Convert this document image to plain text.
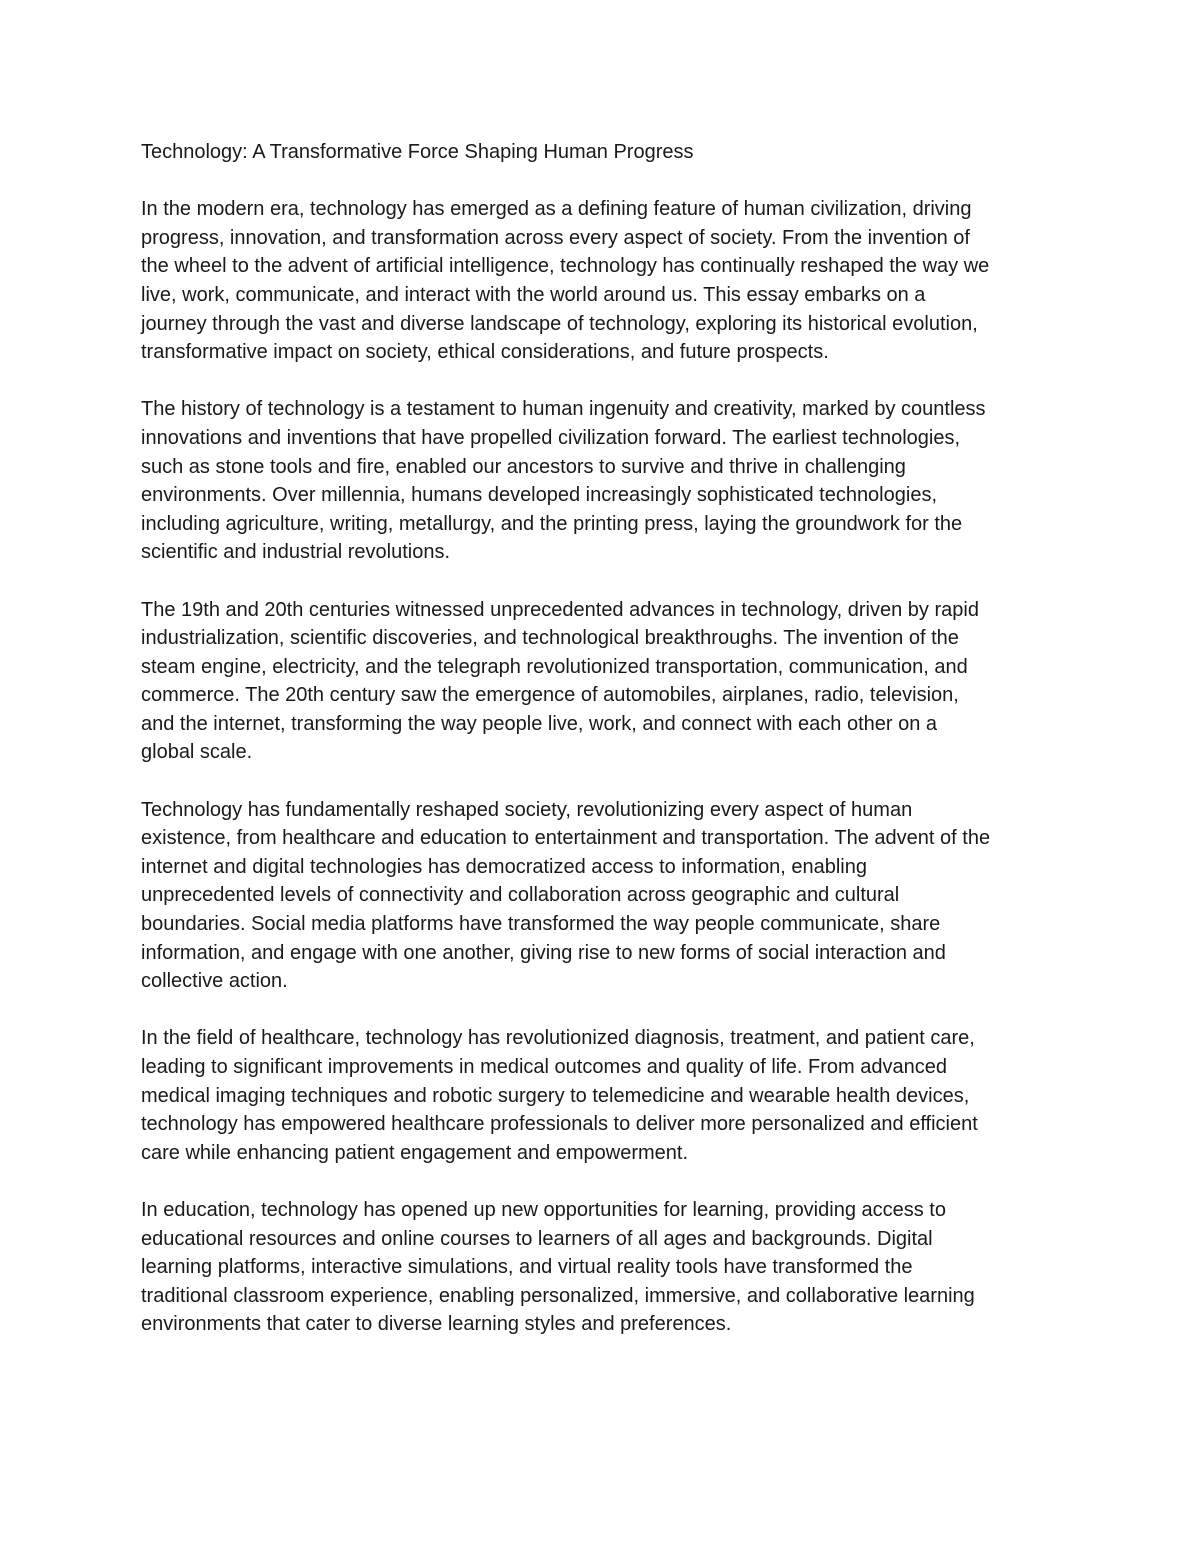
Technology: A Transformative Force Shaping Human Progress
In the modern era, technology has emerged as a defining feature of human civilization, driving
progress, innovation, and transformation across every aspect of society. From the invention of
the wheel to the advent of artificial intelligence, technology has continually reshaped the way we
live, work, communicate, and interact with the world around us. This essay embarks on a
journey through the vast and diverse landscape of technology, exploring its historical evolution,
transformative impact on society, ethical considerations, and future prospects.
The history of technology is a testament to human ingenuity and creativity, marked by countless
innovations and inventions that have propelled civilization forward. The earliest technologies,
such as stone tools and fire, enabled our ancestors to survive and thrive in challenging
environments. Over millennia, humans developed increasingly sophisticated technologies,
including agriculture, writing, metallurgy, and the printing press, laying the groundwork for the
scientific and industrial revolutions.
The 19th and 20th centuries witnessed unprecedented advances in technology, driven by rapid
industrialization, scientific discoveries, and technological breakthroughs. The invention of the
steam engine, electricity, and the telegraph revolutionized transportation, communication, and
commerce. The 20th century saw the emergence of automobiles, airplanes, radio, television,
and the internet, transforming the way people live, work, and connect with each other on a
global scale.
Technology has fundamentally reshaped society, revolutionizing every aspect of human
existence, from healthcare and education to entertainment and transportation. The advent of the
internet and digital technologies has democratized access to information, enabling
unprecedented levels of connectivity and collaboration across geographic and cultural
boundaries. Social media platforms have transformed the way people communicate, share
information, and engage with one another, giving rise to new forms of social interaction and
collective action.
In the field of healthcare, technology has revolutionized diagnosis, treatment, and patient care,
leading to significant improvements in medical outcomes and quality of life. From advanced
medical imaging techniques and robotic surgery to telemedicine and wearable health devices,
technology has empowered healthcare professionals to deliver more personalized and efficient
care while enhancing patient engagement and empowerment.
In education, technology has opened up new opportunities for learning, providing access to
educational resources and online courses to learners of all ages and backgrounds. Digital
learning platforms, interactive simulations, and virtual reality tools have transformed the
traditional classroom experience, enabling personalized, immersive, and collaborative learning
environments that cater to diverse learning styles and preferences.
